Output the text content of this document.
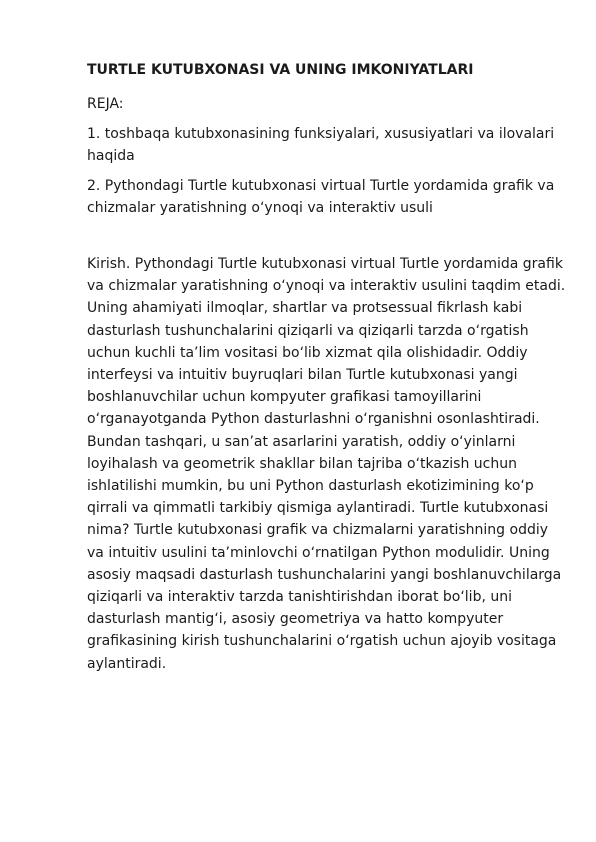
TURTLE KUTUBXONASI VA UNING IMKONIYATLARI
REJA:
1. toshbaqa kutubxonasining funksiyalari, xususiyatlari va ilovalari haqida
2. Pythondagi Turtle kutubxonasi virtual Turtle yordamida grafik va chizmalar yaratishning o‘ynoqi va interaktiv usuli

Kirish. Pythondagi Turtle kutubxonasi virtual Turtle yordamida grafik va chizmalar yaratishning o‘ynoqi va interaktiv usulini taqdim etadi. Uning ahamiyati ilmoqlar, shartlar va protsessual fikrlash kabi dasturlash tushunchalarini qiziqarli va qiziqarli tarzda o‘rgatish uchun kuchli ta’lim vositasi bo‘lib xizmat qila olishidadir. Oddiy interfeysi va intuitiv buyruqlari bilan Turtle kutubxonasi yangi boshlanuvchilar uchun kompyuter grafikasi tamoyillarini o‘rganayotganda Python dasturlashni o‘rganishni osonlashtiradi. Bundan tashqari, u san’at asarlarini yaratish, oddiy o‘yinlarni loyihalash va geometrik shakllar bilan tajriba o‘tkazish uchun ishlatilishi mumkin, bu uni Python dasturlash ekotizimining ko‘p qirrali va qimmatli tarkibiy qismiga aylantiradi. Turtle kutubxonasi nima? Turtle kutubxonasi grafik va chizmalarni yaratishning oddiy va intuitiv usulini ta’minlovchi o‘rnatilgan Python modulidir. Uning asosiy maqsadi dasturlash tushunchalarini yangi boshlanuvchilarga qiziqarli va interaktiv tarzda tanishtirishdan iborat bo‘lib, uni dasturlash mantig‘i, asosiy geometriya va hatto kompyuter grafikasining kirish tushunchalarini o‘rgatish uchun ajoyib vositaga aylantiradi.
